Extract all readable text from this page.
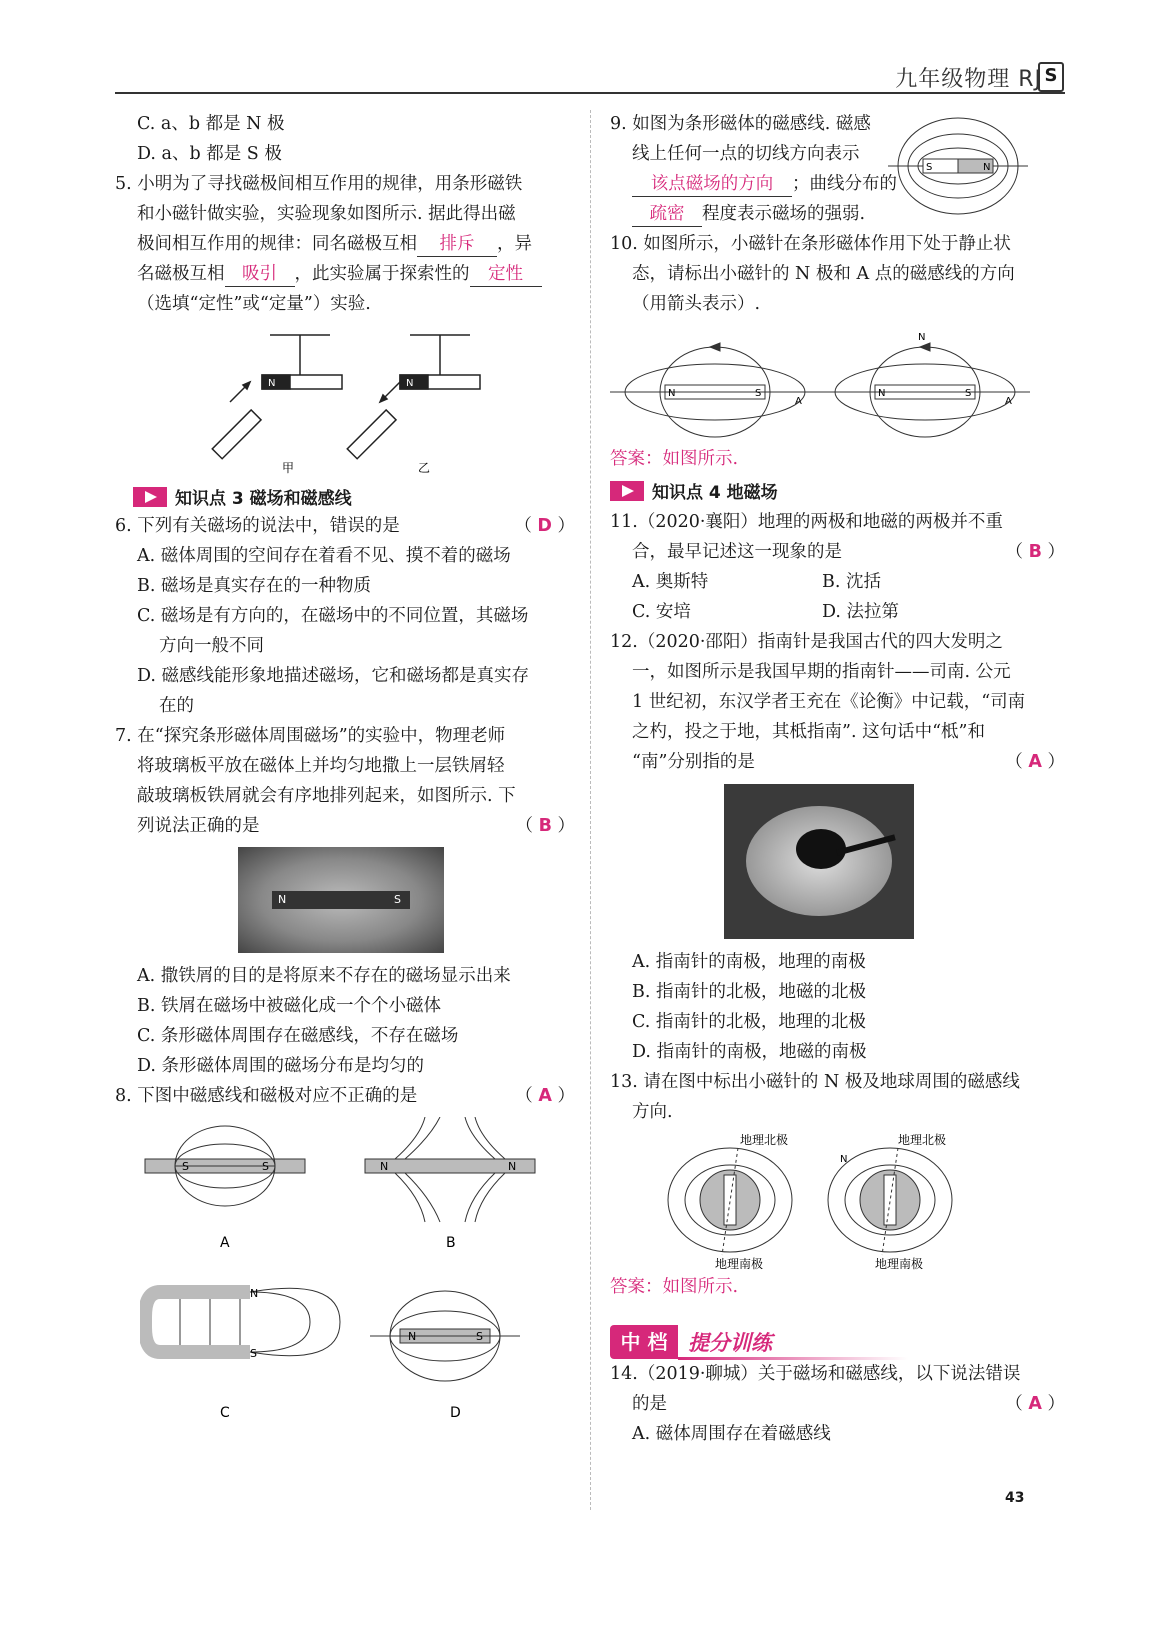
九年级物理 RJ S
C. a、b 都是 N 极
D. a、b 都是 S 极
5. 小明为了寻找磁极间相互作用的规律，用条形磁铁
和小磁针做实验，实验现象如图所示. 据此得出磁
极间相互作用的规律：同名磁极互相 排斥 ，异
名磁极互相 吸引 ，此实验属于探索性的 定性
（选填“定性”或“定量”）实验.
N	N
甲	乙
知识点 3 磁场和磁感线
6. 下列有关磁场的说法中，错误的是	（ D ）
A. 磁体周围的空间存在着看不见、摸不着的磁场
B. 磁场是真实存在的一种物质
C. 磁场是有方向的，在磁场中的不同位置，其磁场
方向一般不同
D. 磁感线能形象地描述磁场，它和磁场都是真实存
在的
7. 在“探究条形磁体周围磁场”的实验中，物理老师
将玻璃板平放在磁体上并均匀地撒上一层铁屑轻
敲玻璃板铁屑就会有序地排列起来，如图所示. 下
列说法正确的是	（ B ）
N	S
A. 撒铁屑的目的是将原来不存在的磁场显示出来
B. 铁屑在磁场中被磁化成一个个小磁体
C. 条形磁体周围存在磁感线，不存在磁场
D. 条形磁体周围的磁场分布是均匀的
8. 下图中磁感线和磁极对应不正确的是	（ A ）
S	S	N	N
N
S
N	S
A	B
C	D
9. 如图为条形磁体的磁感线. 磁感
线上任何一点的切线方向表示
该点磁场的方向 ；曲线分布的
疏密 程度表示磁场的强弱.
S	N
10. 如图所示，小磁针在条形磁体作用下处于静止状
态，请标出小磁针的 N 极和 A 点的磁感线的方向
（用箭头表示）.
N	S	N	S
N
A	A
答案：如图所示.
知识点 4 地磁场
11.（2020·襄阳）地理的两极和地磁的两极并不重
合，最早记述这一现象的是	（ B ）
A. 奥斯特	B. 沈括
C. 安培	D. 法拉第
12.（2020·邵阳）指南针是我国古代的四大发明之
一，如图所示是我国早期的指南针——司南. 公元
1 世纪初，东汉学者王充在《论衡》中记载，“司南
之杓，投之于地，其柢指南”. 这句话中“柢”和
“南”分别指的是	（ A ）
A. 指南针的南极，地理的南极
B. 指南针的北极，地磁的北极
C. 指南针的北极，地理的北极
D. 指南针的南极，地磁的南极
13. 请在图中标出小磁针的 N 极及地球周围的磁感线
方向.
N
地理北极	地理北极
地理南极	地理南极
答案：如图所示.
中 档 提分训练
14.（2019·聊城）关于磁场和磁感线，以下说法错误
的是	（ A ）
A. 磁体周围存在着磁感线
43
